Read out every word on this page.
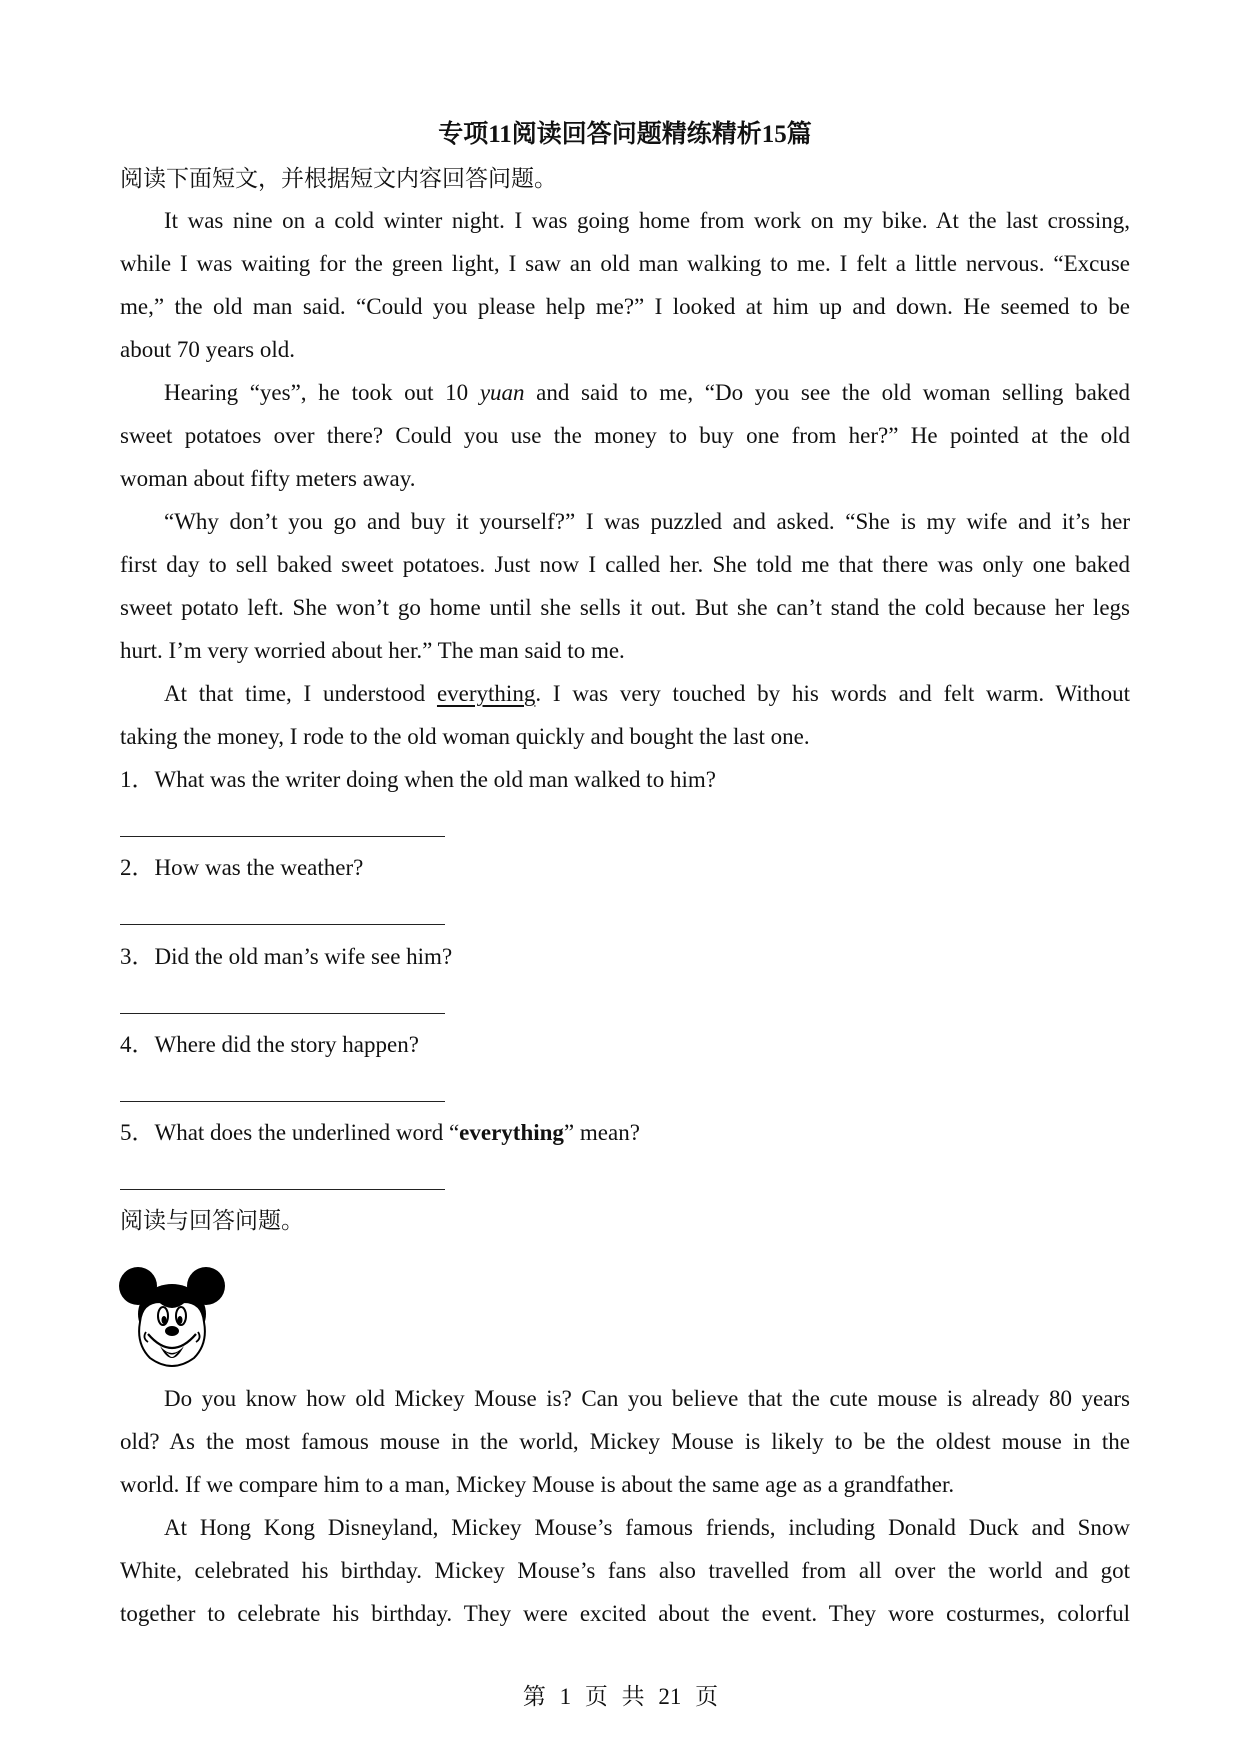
专项11阅读回答问题精练精析15篇
阅读下面短文，并根据短文内容回答问题。
It was nine on a cold winter night. I was going home from work on my bike. At the last crossing,
while I was waiting for the green light, I saw an old man walking to me. I felt a little nervous. “Excuse
me,” the old man said. “Could you please help me?” I looked at him up and down. He seemed to be
about 70 years old.
Hearing “yes”, he took out 10 yuan and said to me, “Do you see the old woman selling baked
sweet potatoes over there? Could you use the money to buy one from her?” He pointed at the old
woman about fifty meters away.
“Why don’t you go and buy it yourself?” I was puzzled and asked. “She is my wife and it’s her
first day to sell baked sweet potatoes. Just now I called her. She told me that there was only one baked
sweet potato left. She won’t go home until she sells it out. But she can’t stand the cold because her legs
hurt. I’m very worried about her.” The man said to me.
At that time, I understood everything. I was very touched by his words and felt warm. Without
taking the money, I rode to the old woman quickly and bought the last one.
1．What was the writer doing when the old man walked to him?
2．How was the weather?
3．Did the old man’s wife see him?
4．Where did the story happen?
5．What does the underlined word “everything” mean?
阅读与回答问题。
Do you know how old Mickey Mouse is? Can you believe that the cute mouse is already 80 years
old? As the most famous mouse in the world, Mickey Mouse is likely to be the oldest mouse in the
world. If we compare him to a man, Mickey Mouse is about the same age as a grandfather.
At Hong Kong Disneyland, Mickey Mouse’s famous friends, including Donald Duck and Snow
White, celebrated his birthday. Mickey Mouse’s fans also travelled from all over the world and got
together to celebrate his birthday. They were excited about the event. They wore costurmes, colorful
第 1 页 共 21 页
